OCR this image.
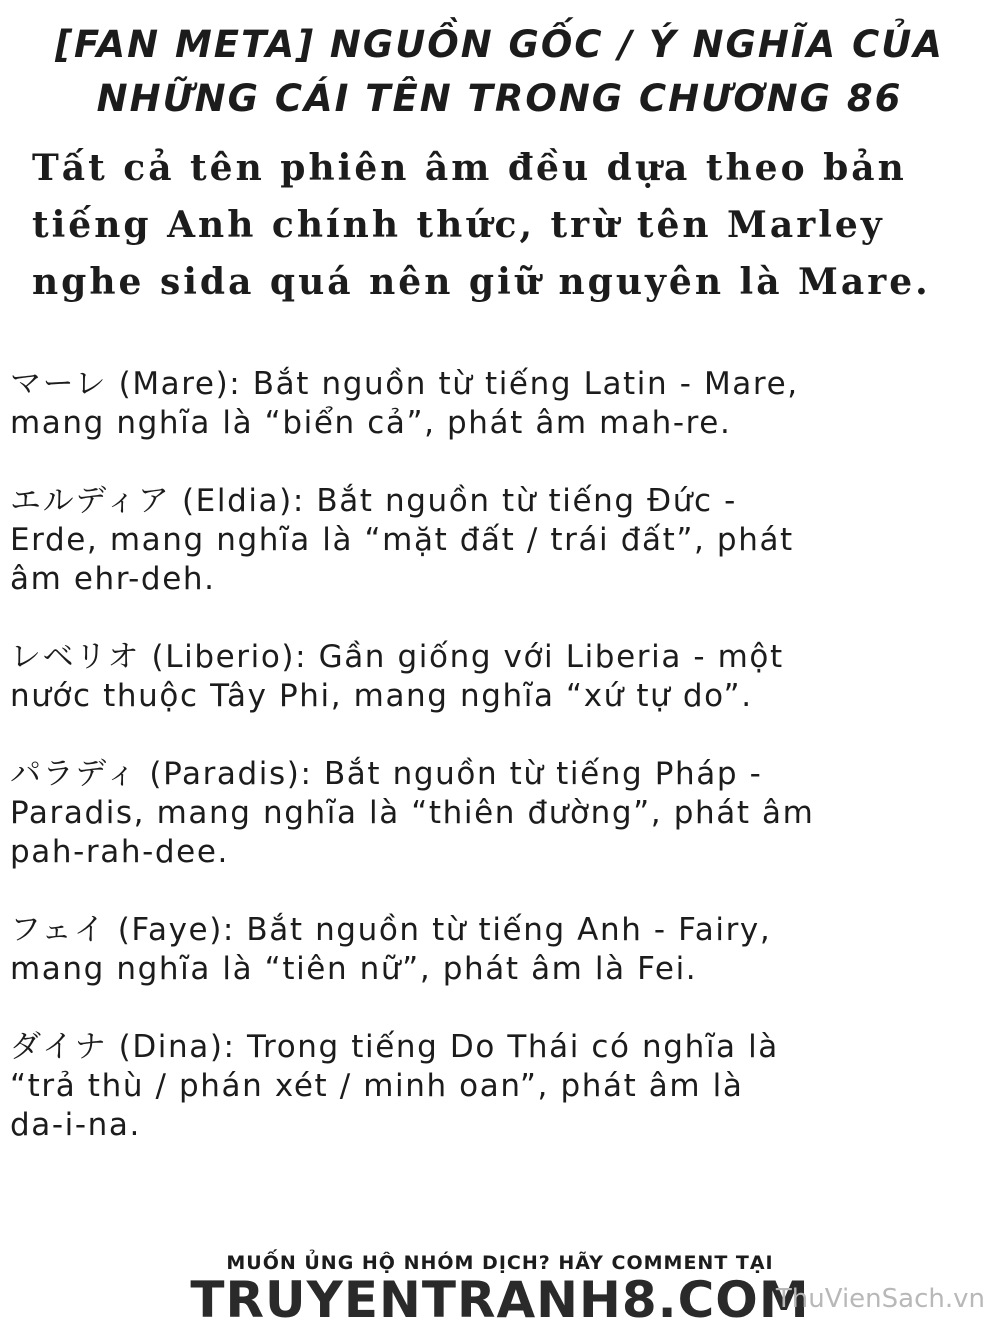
[FAN META] NGUỒN GỐC / Ý NGHĨA CỦA
NHỮNG CÁI TÊN TRONG CHƯƠNG 86
Tất cả tên phiên âm đều dựa theo bản
tiếng Anh chính thức, trừ tên Marley
nghe sida quá nên giữ nguyên là Mare.

マーレ (Mare): Bắt nguồn từ tiếng Latin - Mare,
mang nghĩa là “biển cả”, phát âm mah-re.

エルディア (Eldia): Bắt nguồn từ tiếng Đức -
Erde, mang nghĩa là “mặt đất / trái đất”, phát
âm ehr-deh.

レベリオ (Liberio): Gần giống với Liberia - một
nước thuộc Tây Phi, mang nghĩa “xứ tự do”.

パラディ (Paradis): Bắt nguồn từ tiếng Pháp -
Paradis, mang nghĩa là “thiên đường”, phát âm
pah-rah-dee.

フェイ (Faye): Bắt nguồn từ tiếng Anh - Fairy,
mang nghĩa là “tiên nữ”, phát âm là Fei.

ダイナ (Dina): Trong tiếng Do Thái có nghĩa là
“trả thù / phán xét / minh oan”, phát âm là
da-i-na.

MUỐN ỦNG HỘ NHÓM DỊCH? HÃY COMMENT TẠI
TRUYENTRANH8.COM
ThuVienSach.vn
